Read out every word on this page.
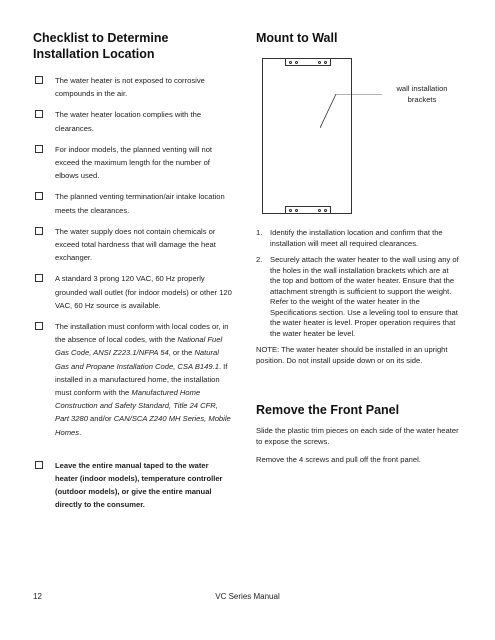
Checklist to Determine Installation Location
The water heater is not exposed to corrosive compounds in the air.
The water heater location complies with the clearances.
For indoor models, the planned venting will not exceed the maximum length for the number of elbows used.
The planned venting termination/air intake location meets the clearances.
The water supply does not contain chemicals or exceed total hardness that will damage the heat exchanger.
A standard 3 prong 120 VAC, 60 Hz properly grounded wall outlet (for indoor models) or other 120 VAC, 60 Hz source is available.
The installation must conform with local codes or, in the absence of local codes, with the National Fuel Gas Code, ANSI Z223.1/NFPA 54, or the Natural Gas and Propane Installation Code, CSA B149.1. If installed in a manufactured home, the installation must conform with the Manufactured Home Construction and Safety Standard, Title 24 CFR, Part 3280 and/or CAN/SCA Z240 MH Series, Mobile Homes.
Leave the entire manual taped to the water heater (indoor models), temperature controller (outdoor models), or give the entire manual directly to the consumer.
Mount to Wall
wall installation brackets
1. Identify the installation location and confirm that the installation will meet all required clearances.
2. Securely attach the water heater to the wall using any of the holes in the wall installation brackets which are at the top and bottom of the water heater. Ensure that the attachment strength is sufficient to support the weight. Refer to the weight of the water heater in the Specifications section. Use a leveling tool to ensure that the water heater is level. Proper operation requires that the water heater be level.

NOTE: The water heater should be installed in an upright position. Do not install upside down or on its side.

Remove the Front Panel

Slide the plastic trim pieces on each side of the water heater to expose the screws.

Remove the 4 screws and pull off the front panel.

12	VC Series Manual
